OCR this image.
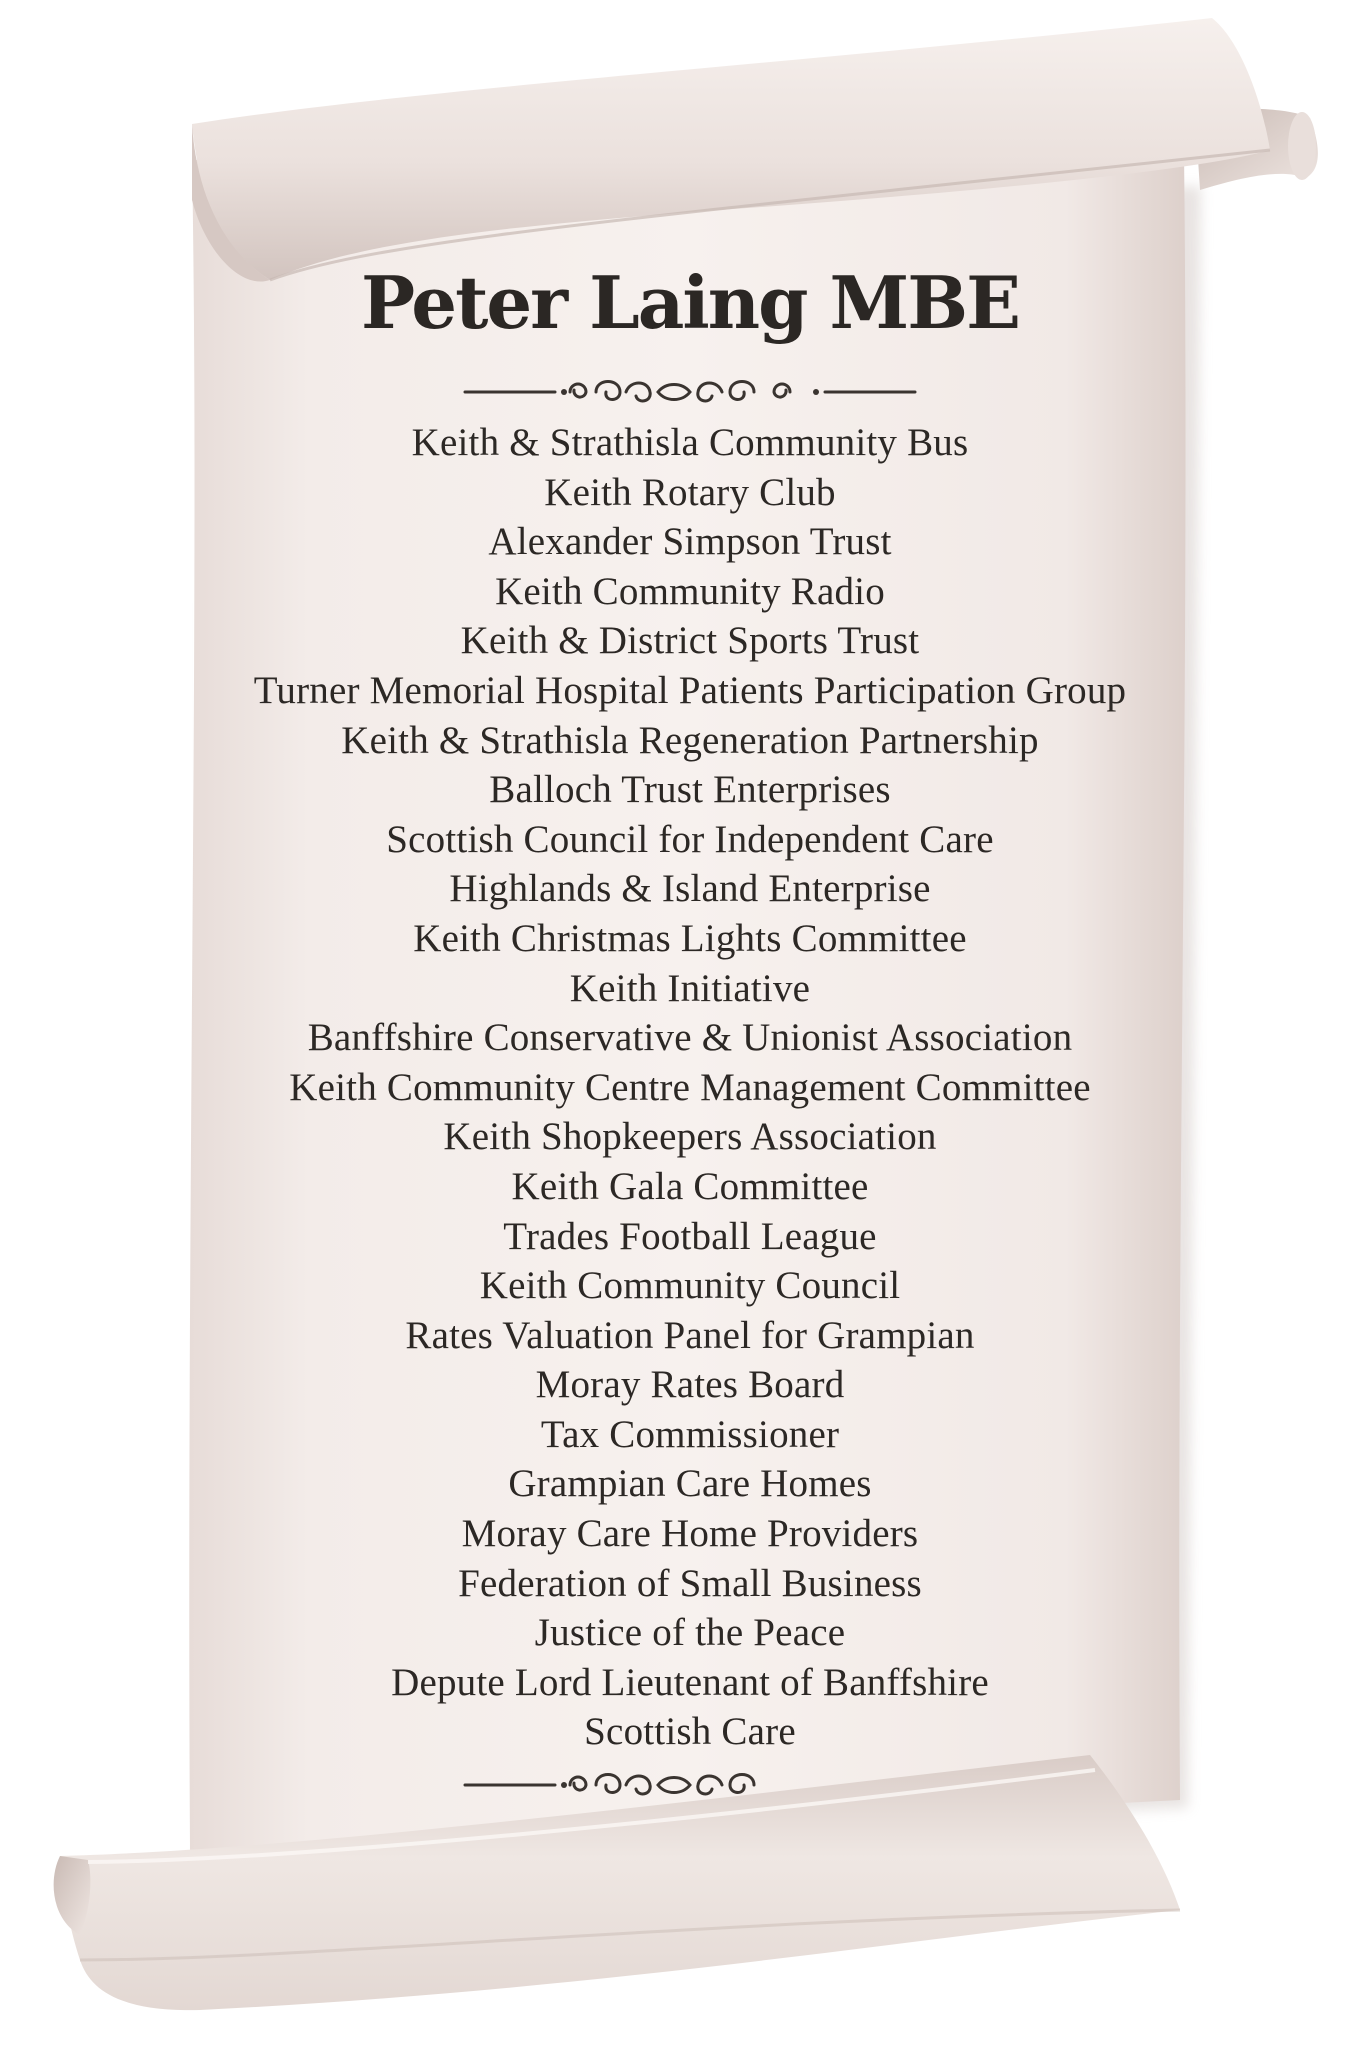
Peter Laing MBE
Keith & Strathisla Community Bus
Keith Rotary Club
Alexander Simpson Trust
Keith Community Radio
Keith & District Sports Trust
Turner Memorial Hospital Patients Participation Group
Keith & Strathisla Regeneration Partnership
Balloch Trust Enterprises
Scottish Council for Independent Care
Highlands & Island Enterprise
Keith Christmas Lights Committee
Keith Initiative
Banffshire Conservative & Unionist Association
Keith Community Centre Management Committee
Keith Shopkeepers Association
Keith Gala Committee
Trades Football League
Keith Community Council
Rates Valuation Panel for Grampian
Moray Rates Board
Tax Commissioner
Grampian Care Homes
Moray Care Home Providers
Federation of Small Business
Justice of the Peace
Depute Lord Lieutenant of Banffshire
Scottish Care
